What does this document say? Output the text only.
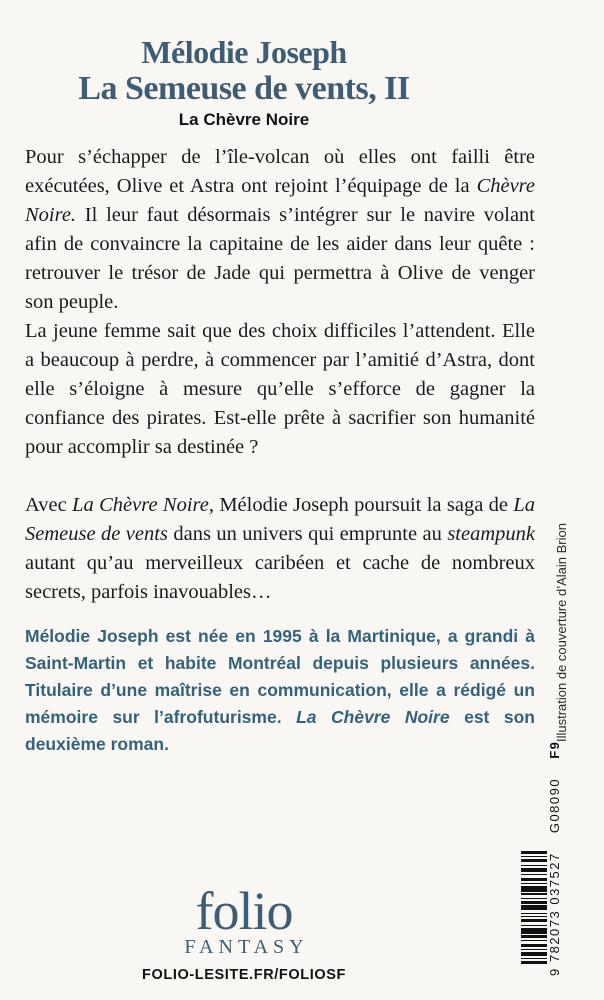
Mélodie Joseph
La Semeuse de vents, II
La Chèvre Noire

Pour s’échapper de l’île-volcan où elles ont failli être exécutées, Olive et Astra ont rejoint l’équipage de la Chèvre Noire. Il leur faut désormais s’intégrer sur le navire volant afin de convaincre la capitaine de les aider dans leur quête : retrouver le trésor de Jade qui permettra à Olive de venger son peuple.

La jeune femme sait que des choix difficiles l’attendent. Elle a beaucoup à perdre, à commencer par l’amitié d’Astra, dont elle s’éloigne à mesure qu’elle s’efforce de gagner la confiance des pirates. Est-elle prête à sacrifier son humanité pour accomplir sa destinée ?

Avec La Chèvre Noire, Mélodie Joseph poursuit la saga de La Semeuse de vents dans un univers qui emprunte au steampunk autant qu’au merveilleux caribéen et cache de nombreux secrets, parfois inavouables…

Mélodie Joseph est née en 1995 à la Martinique, a grandi à Saint-Martin et habite Montréal depuis plusieurs années. Titulaire d’une maîtrise en communication, elle a rédigé un mémoire sur l’afrofuturisme. La Chèvre Noire est son deuxième roman.

Illustration de couverture d’Alain Brion
folio
FANTASY
FOLIO-LESITE.FR/FOLIOSF	9 782073 037527 G08090 F9
